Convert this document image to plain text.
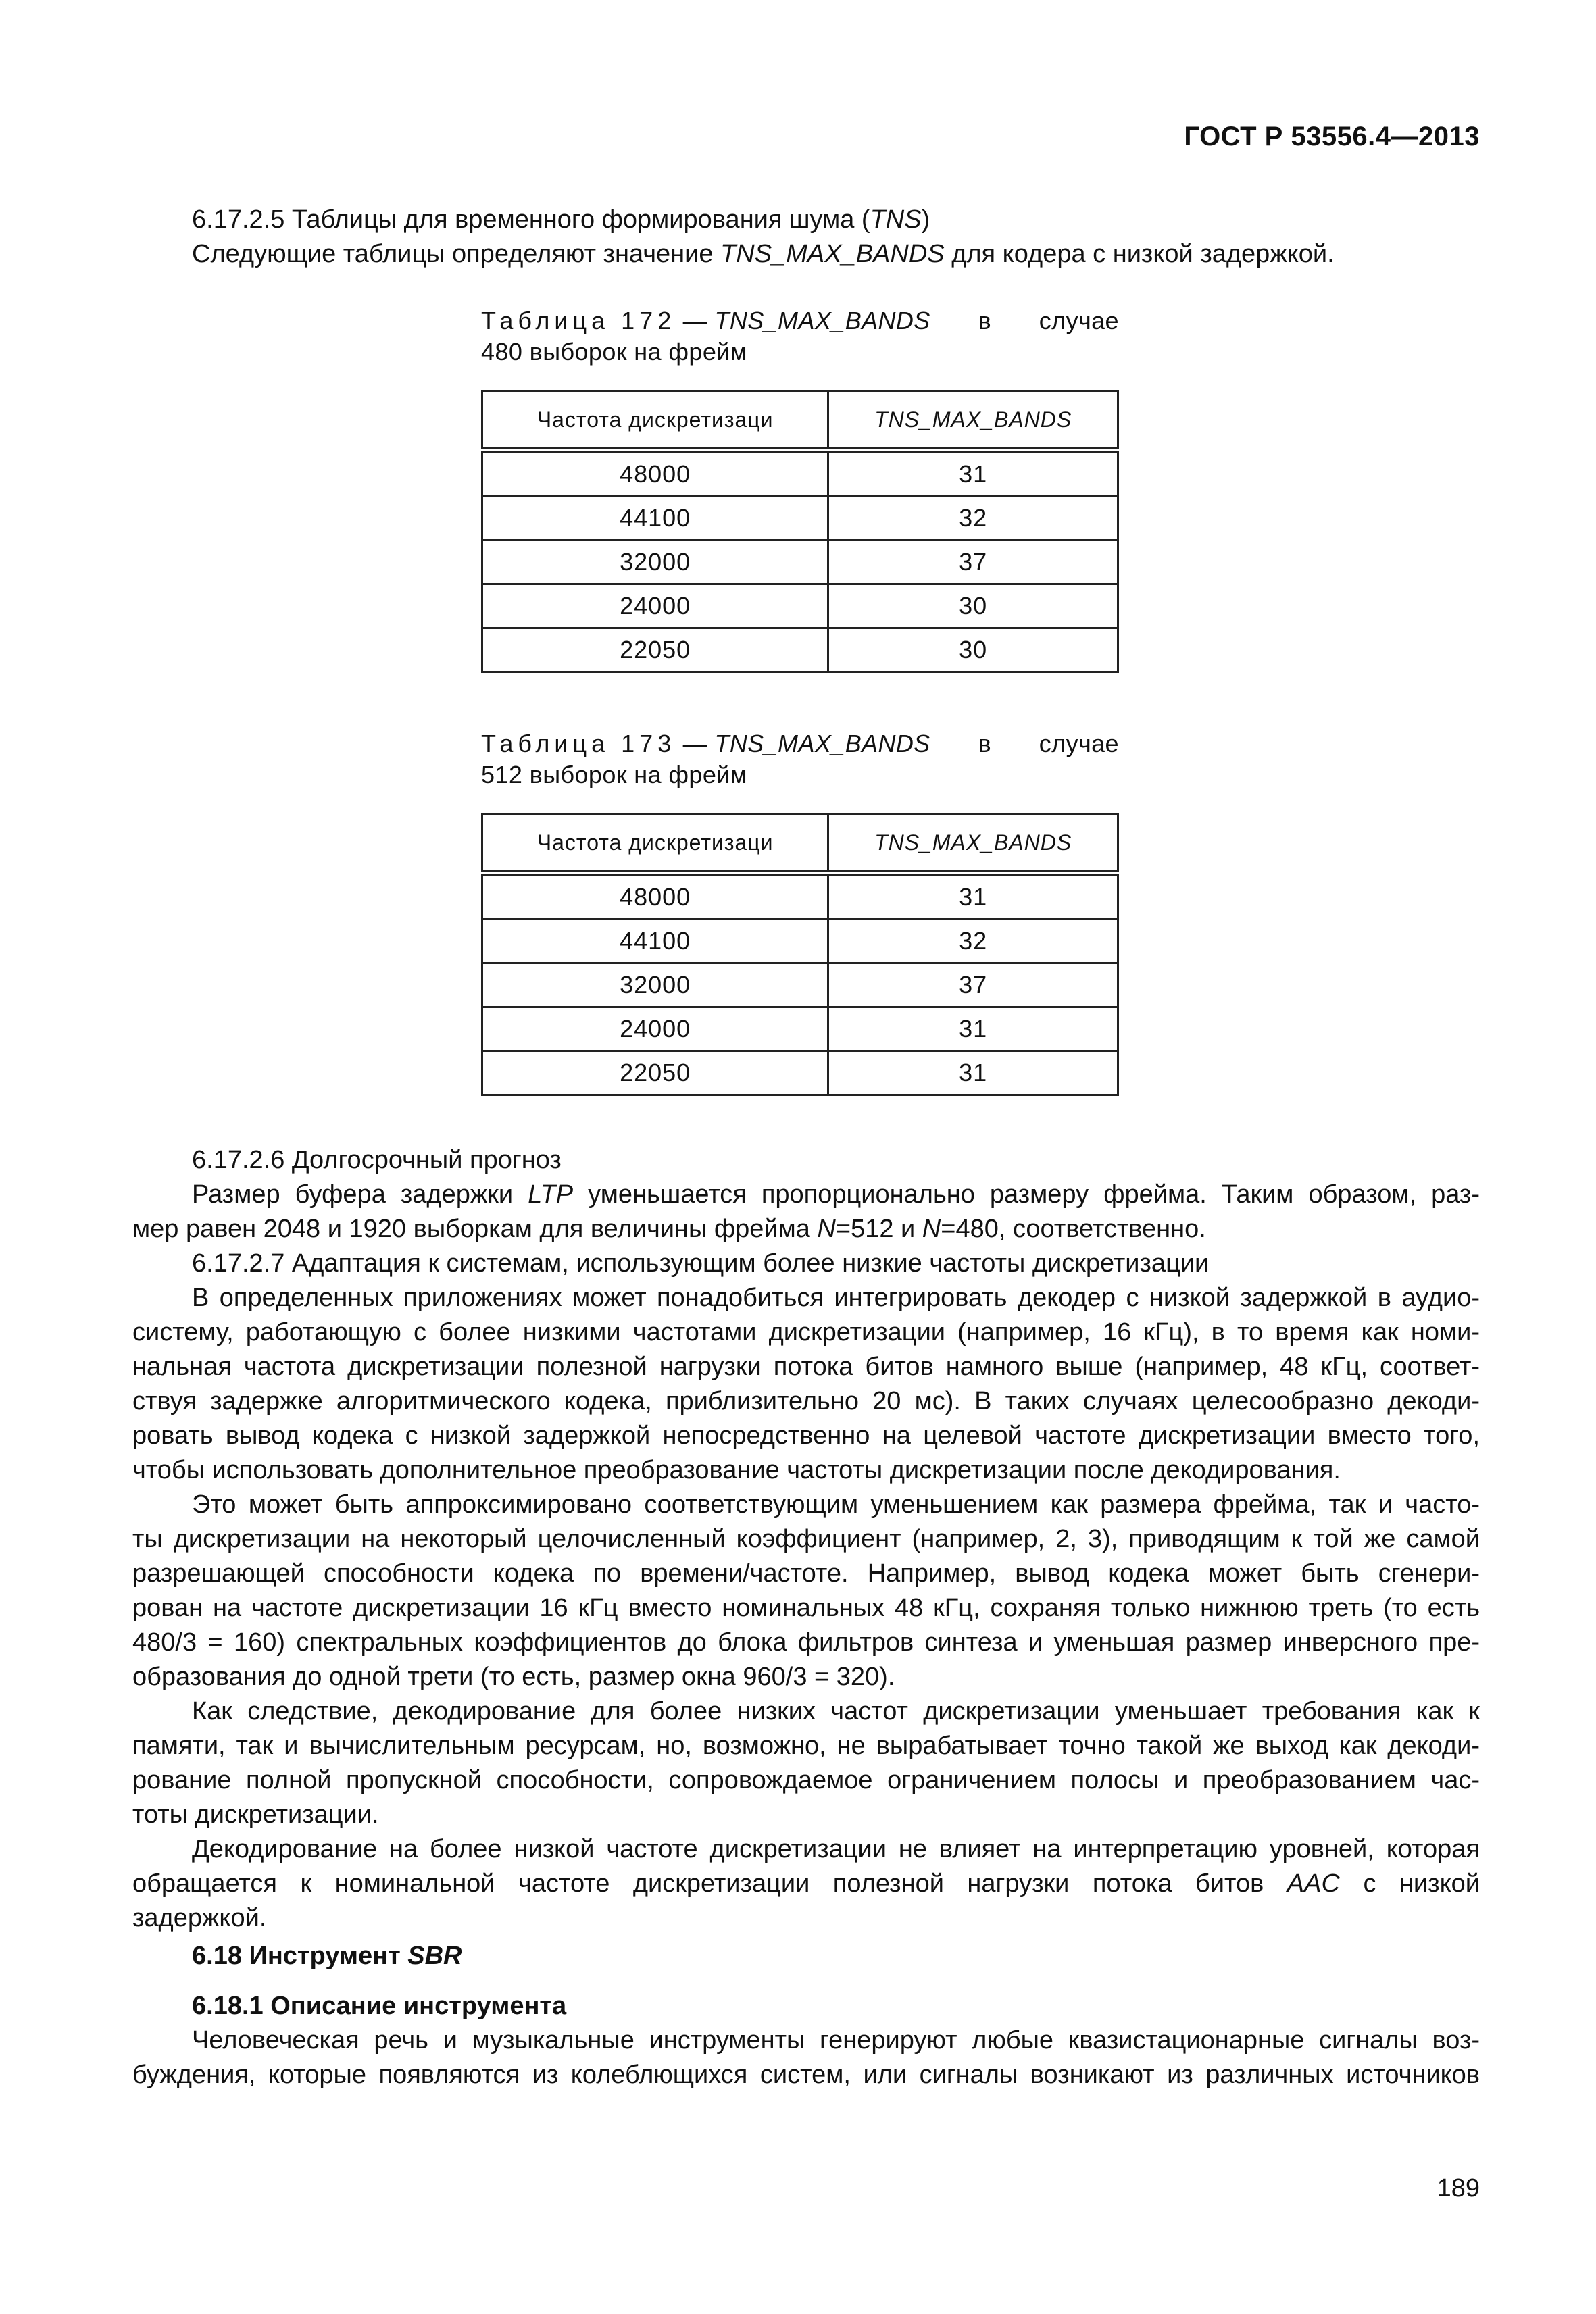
ГОСТ Р 53556.4—2013
6.17.2.5 Таблицы для временного формирования шума (TNS)
Следующие таблицы определяют значение TNS_MAX_BANDS для кодера с низкой задержкой.
Таблица 172 — TNS_MAX_BANDS в случае
480 выборок на фрейм
Частота дискретизаци	TNS_MAX_BANDS
48000	31
44100	32
32000	37
24000	30
22050	30
Таблица 173 — TNS_MAX_BANDS в случае
512 выборок на фрейм
Частота дискретизаци	TNS_MAX_BANDS
48000	31
44100	32
32000	37
24000	31
22050	31
6.17.2.6 Долгосрочный прогноз
Размер буфера задержки LTP уменьшается пропорционально размеру фрейма. Таким образом, раз-
мер равен 2048 и 1920 выборкам для величины фрейма N=512 и N=480, соответственно.
6.17.2.7 Адаптация к системам, использующим более низкие частоты дискретизации
В определенных приложениях может понадобиться интегрировать декодер с низкой задержкой в аудио-
систему, работающую с более низкими частотами дискретизации (например, 16 кГц), в то время как номи-
нальная частота дискретизации полезной нагрузки потока битов намного выше (например, 48 кГц, соответ-
ствуя задержке алгоритмического кодека, приблизительно 20 мс). В таких случаях целесообразно декоди-
ровать вывод кодека с низкой задержкой непосредственно на целевой частоте дискретизации вместо того,
чтобы использовать дополнительное преобразование частоты дискретизации после декодирования.
Это может быть аппроксимировано соответствующим уменьшением как размера фрейма, так и часто-
ты дискретизации на некоторый целочисленный коэффициент (например, 2, 3), приводящим к той же самой
разрешающей способности кодека по времени/частоте. Например, вывод кодека может быть сгенери-
рован на частоте дискретизации 16 кГц вместо номинальных 48 кГц, сохраняя только нижнюю треть (то есть
480/3 = 160) спектральных коэффициентов до блока фильтров синтеза и уменьшая размер инверсного пре-
образования до одной трети (то есть, размер окна 960/3 = 320).
Как следствие, декодирование для более низких частот дискретизации уменьшает требования как к
памяти, так и вычислительным ресурсам, но, возможно, не вырабатывает точно такой же выход как декоди-
рование полной пропускной способности, сопровождаемое ограничением полосы и преобразованием час-
тоты дискретизации.
Декодирование на более низкой частоте дискретизации не влияет на интерпретацию уровней, которая
обращается к номинальной частоте дискретизации полезной нагрузки потока битов AAC с низкой
задержкой.
6.18 Инструмент SBR
6.18.1 Описание инструмента
Человеческая речь и музыкальные инструменты генерируют любые квазистационарные сигналы воз-
буждения, которые появляются из колеблющихся систем, или сигналы возникают из различных источников
189
